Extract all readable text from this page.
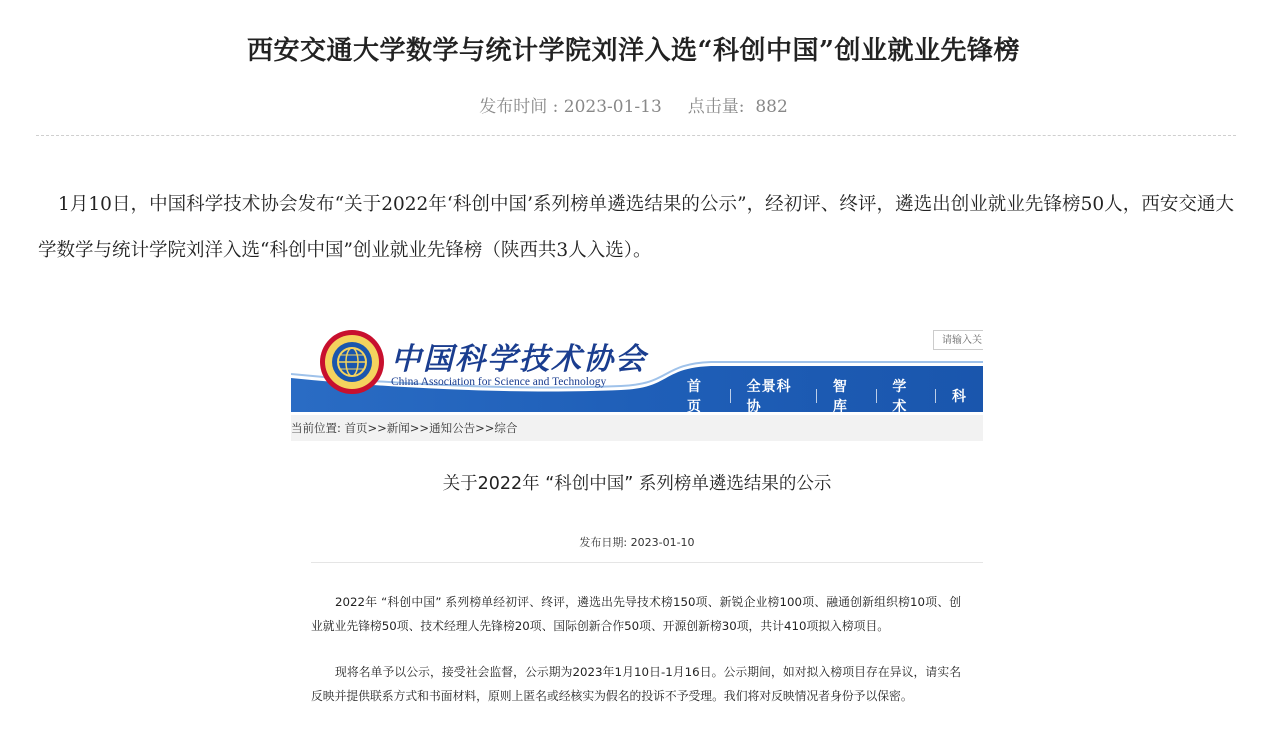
西安交通大学数学与统计学院刘洋入选“科创中国”创业就业先锋榜
发布时间 : 2023-01-13 点击量: 882

1月10日，中国科学技术协会发布“关于2022年‘科创中国’系列榜单遴选结果的公示”，经初评、终评，遴选出创业就业先锋榜50人，西安交通大学数学与统计学院刘洋入选“科创中国”创业就业先锋榜（陕西共3人入选）。

中国科学技术协会
China Association for Science and Technology
请输入关
首页
全景科协
智库
学术
科
当前位置: 首页>>新闻>>通知公告>>综合
关于2022年 “科创中国” 系列榜单遴选结果的公示
发布日期: 2023-01-10

2022年 “科创中国” 系列榜单经初评、终评，遴选出先导技术榜150项、新锐企业榜100项、融通创新组织榜10项、创业就业先锋榜50项、技术经理人先锋榜20项、国际创新合作50项、开源创新榜30项，共计410项拟入榜项目。

现将名单予以公示，接受社会监督，公示期为2023年1月10日-1月16日。公示期间，如对拟入榜项目存在异议，请实名反映并提供联系方式和书面材料，原则上匿名或经核实为假名的投诉不予受理。我们将对反映情况者身份予以保密。
